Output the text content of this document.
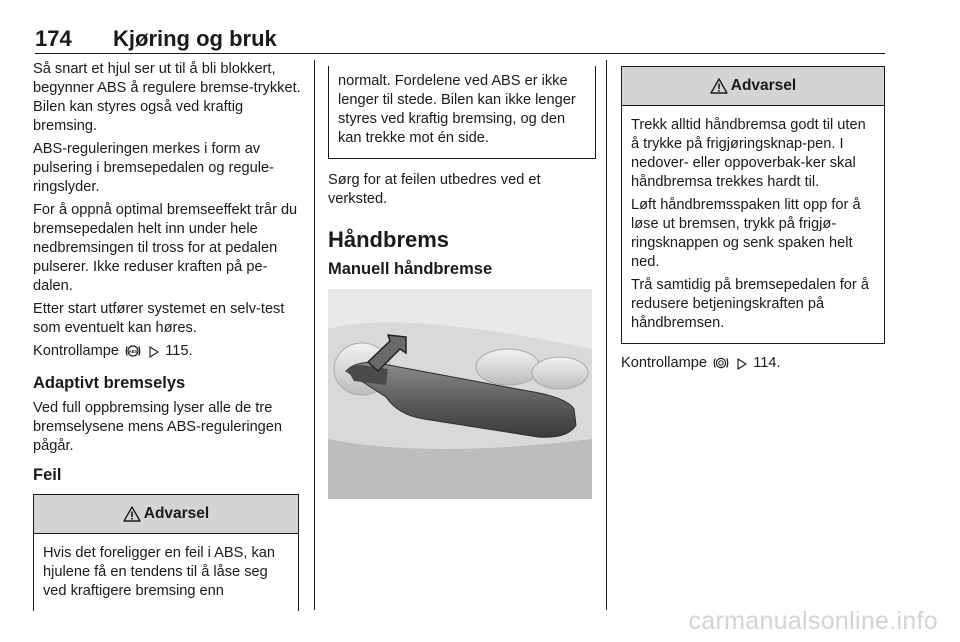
174 Kjøring og bruk

Så snart et hjul ser ut til å bli blokkert, begynner ABS å regulere bremse-trykket. Bilen kan styres også ved kraftig bremsing.

ABS-reguleringen merkes i form av pulsering i bremsepedalen og regule-ringslyder.

For å oppnå optimal bremseeffekt trår du bremsepedalen helt inn under hele nedbremsingen til tross for at pedalen pulserer. Ikke reduser kraften på pe-dalen.

Etter start utfører systemet en selv-test som eventuelt kan høres.

Kontrollampe ABS 115.

Adaptivt bremselys

Ved full oppbremsing lyser alle de tre bremselysene mens ABS-reguleringen pågår.

Feil
Advarsel

Hvis det foreligger en feil i ABS, kan hjulene få en tendens til å låse seg ved kraftigere bremsing enn

normalt. Fordelene ved ABS er ikke lenger til stede. Bilen kan ikke lenger styres ved kraftig bremsing, og den kan trekke mot én side.

Sørg for at feilen utbedres ved et verksted.

Håndbrems
Manuell håndbremse
Advarsel

Trekk alltid håndbremsa godt til uten å trykke på frigjøringsknap-pen. I nedover- eller oppoverbak-ker skal håndbremsa trekkes hardt til.

Løft håndbremsspaken litt opp for å løse ut bremsen, trykk på frigjø-ringsknappen og senk spaken helt ned.

Trå samtidig på bremsepedalen for å redusere betjeningskraften på håndbremsen.

Kontrollampe	114.

carmanualsonline.info
